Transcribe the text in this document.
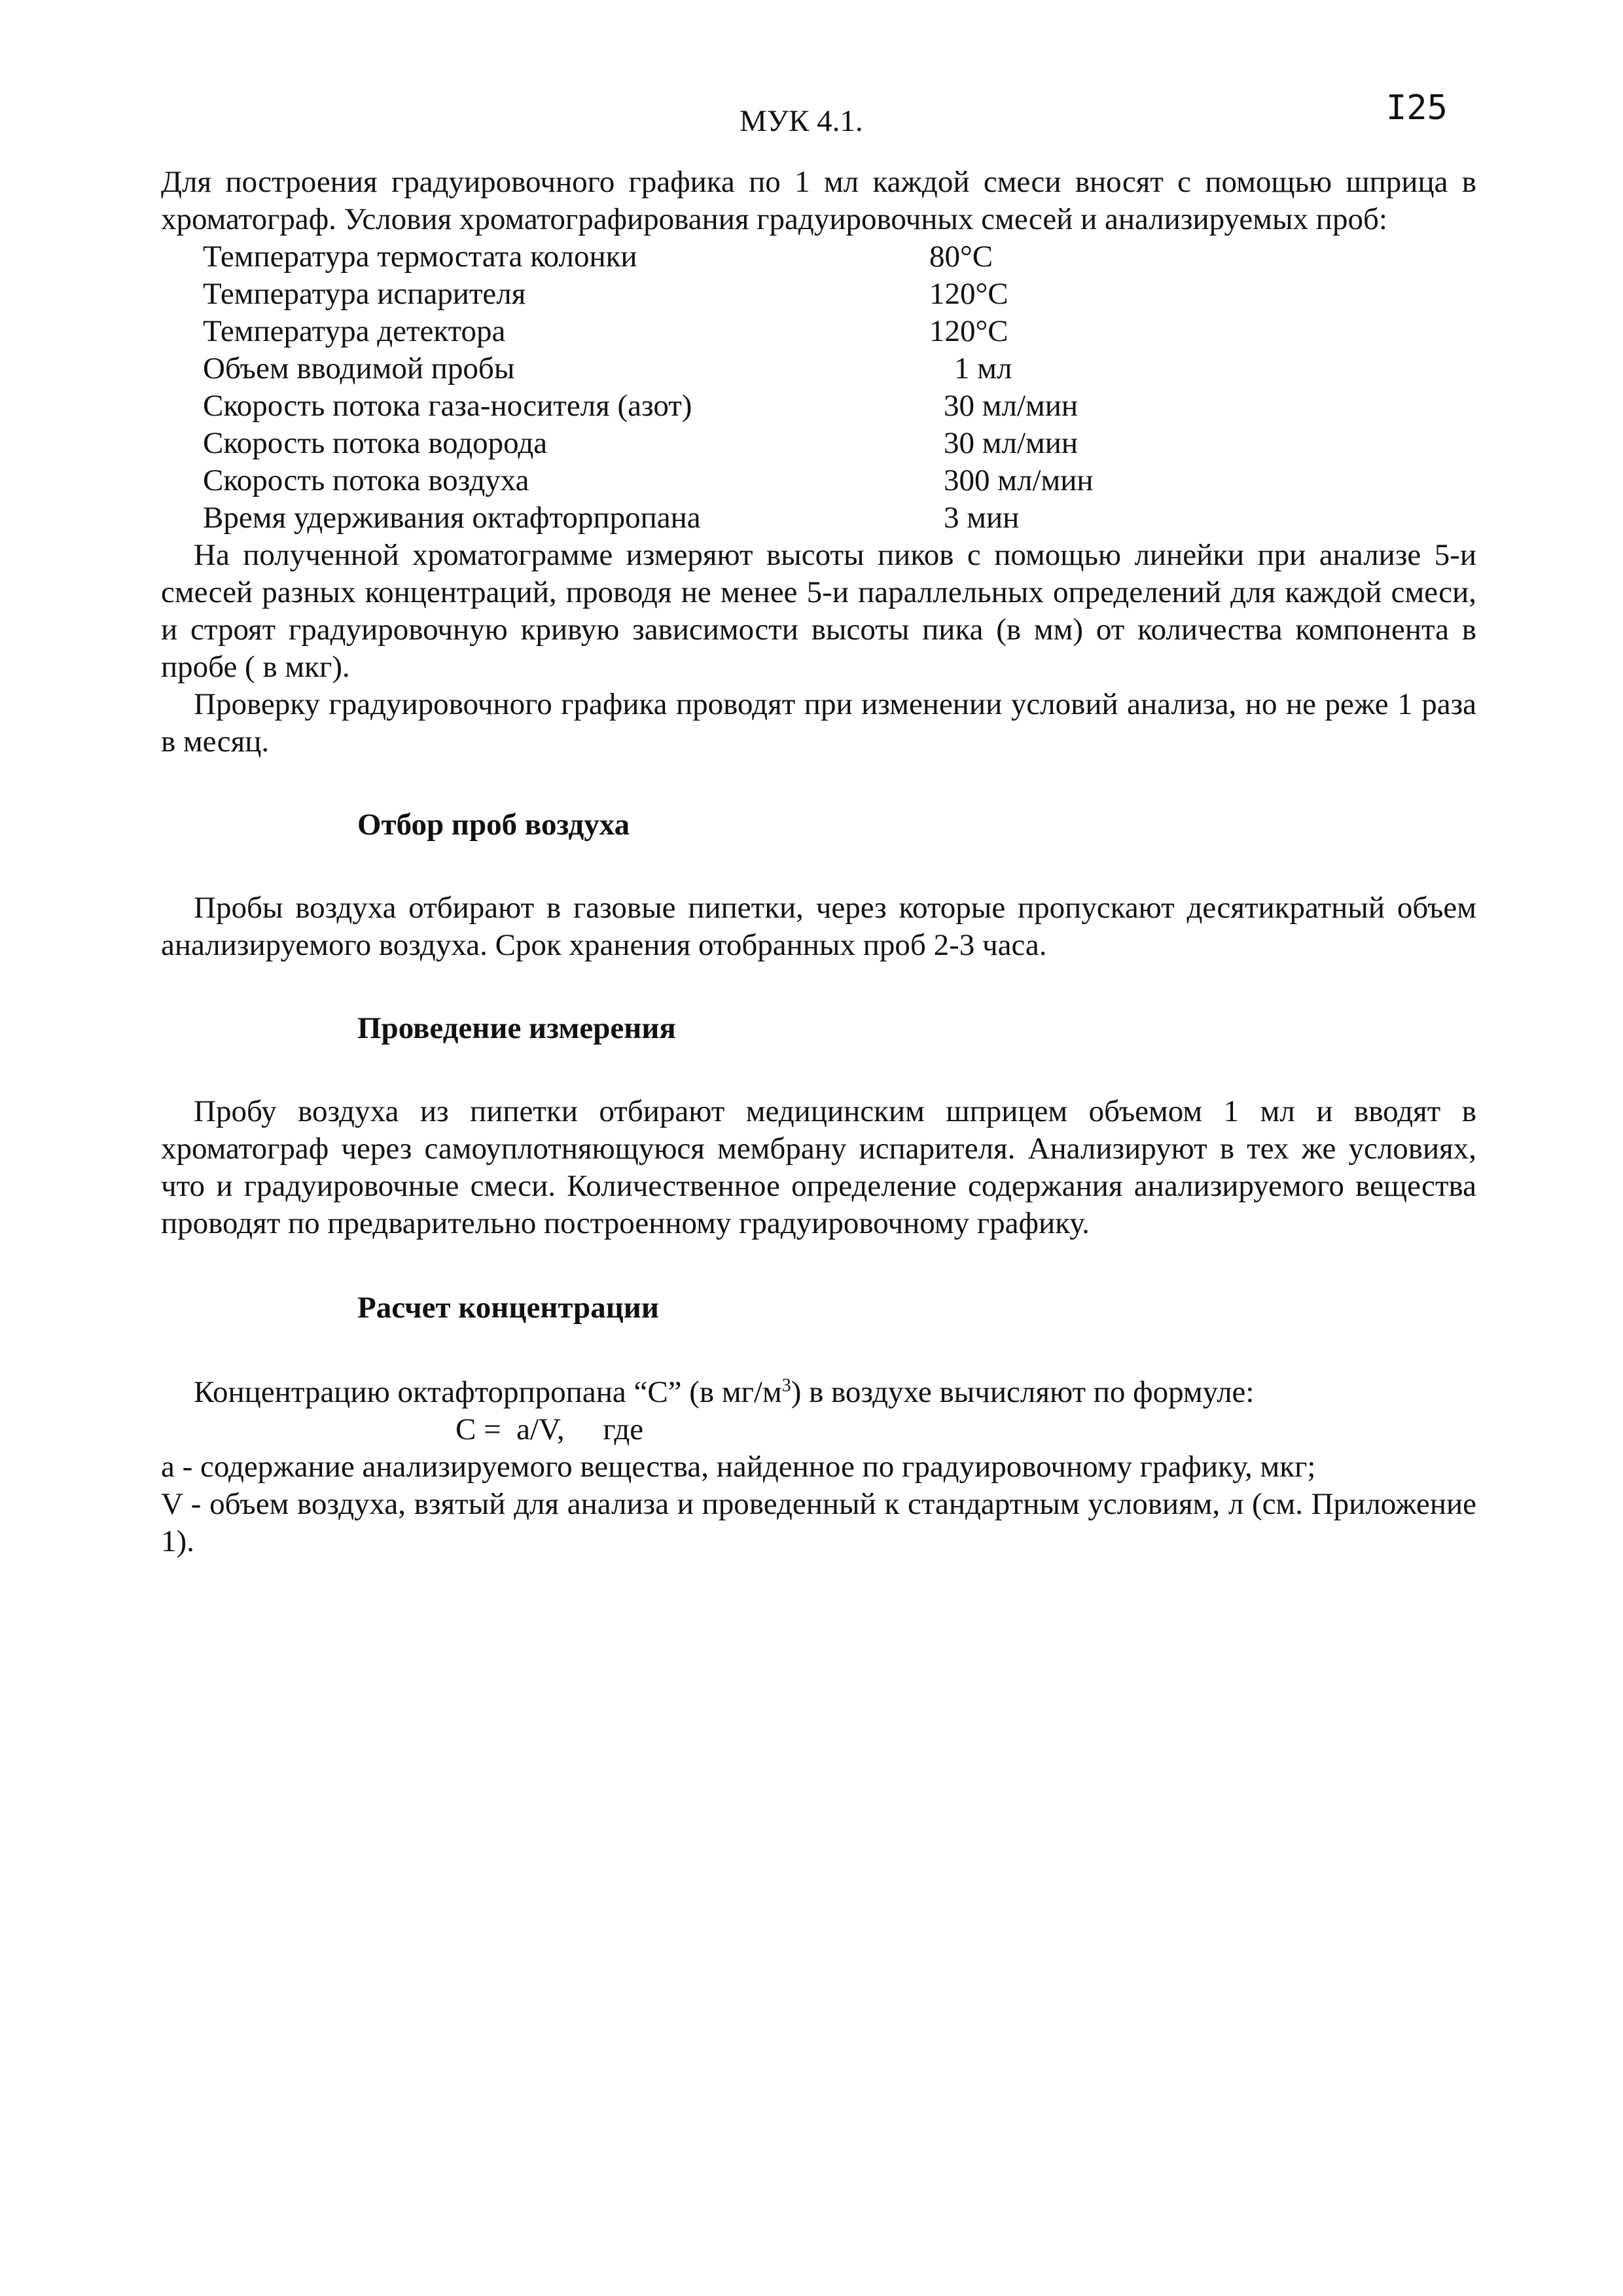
МУК 4.1.	I25

Для построения градуировочного графика по 1 мл каждой смеси вносят с помощью шприца в хроматограф. Условия хроматографирования градуировочных смесей и анализируемых проб:

Температура термостата колонки	80°С
Температура испарителя	120°С
Температура детектора	120°С
Объем вводимой пробы	1 мл
Скорость потока газа-носителя (азот)	30 мл/мин
Скорость потока водорода	30 мл/мин
Скорость потока воздуха	300 мл/мин
Время удерживания октафторпропана	3 мин

На полученной хроматограмме измеряют высоты пиков с помощью линейки при анализе 5-и смесей разных концентраций, проводя не менее 5-и параллельных определений для каждой смеси, и строят градуировочную кривую зависимости высоты пика (в мм) от количества компонента в пробе ( в мкг).

Проверку градуировочного графика проводят при изменении условий анализа, но не реже 1 раза в месяц.

Отбор проб воздуха

Пробы воздуха отбирают в газовые пипетки, через которые пропускают десятикратный объем анализируемого воздуха. Срок хранения отобранных проб 2-3 часа.

Проведение измерения

Пробу воздуха из пипетки отбирают медицинским шприцем объемом 1 мл и вводят в хроматограф через самоуплотняющуюся мембрану испарителя. Анализируют в тех же условиях, что и градуировочные смеси. Количественное определение содержания анализируемого вещества проводят по предварительно построенному градуировочному графику.

Расчет концентрации

Концентрацию октафторпропана “С” (в $мг/м^3$) в воздухе вычисляют по формуле:

С =  а/V,     где

а - содержание анализируемого вещества, найденное по градуировочному графику, мкг;

V - объем воздуха, взятый для анализа и проведенный к стандартным условиям, л (см. Приложение 1).
